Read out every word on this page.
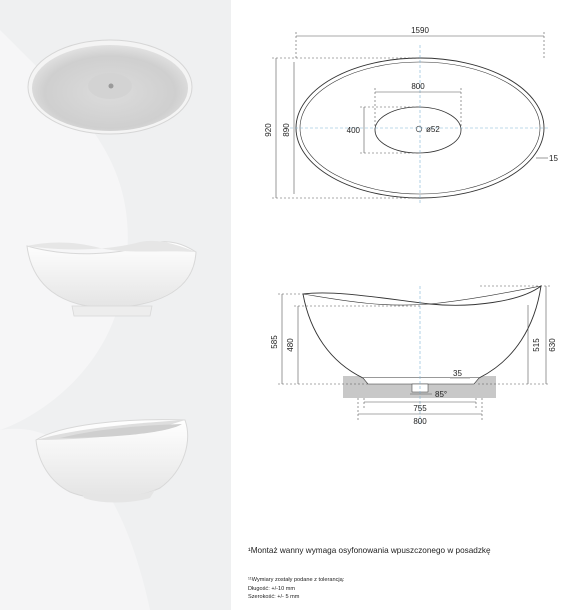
1590
800
400	ø52
15
920 890
585 480	515 630
35
85°
755
800
¹Montaż wanny wymaga osyfonowania wpuszczonego w posadzkę
¹¹Wymiary zostały podane z tolerancją:
Długość: +/-10 mm
Szerokość: +/- 5 mm
